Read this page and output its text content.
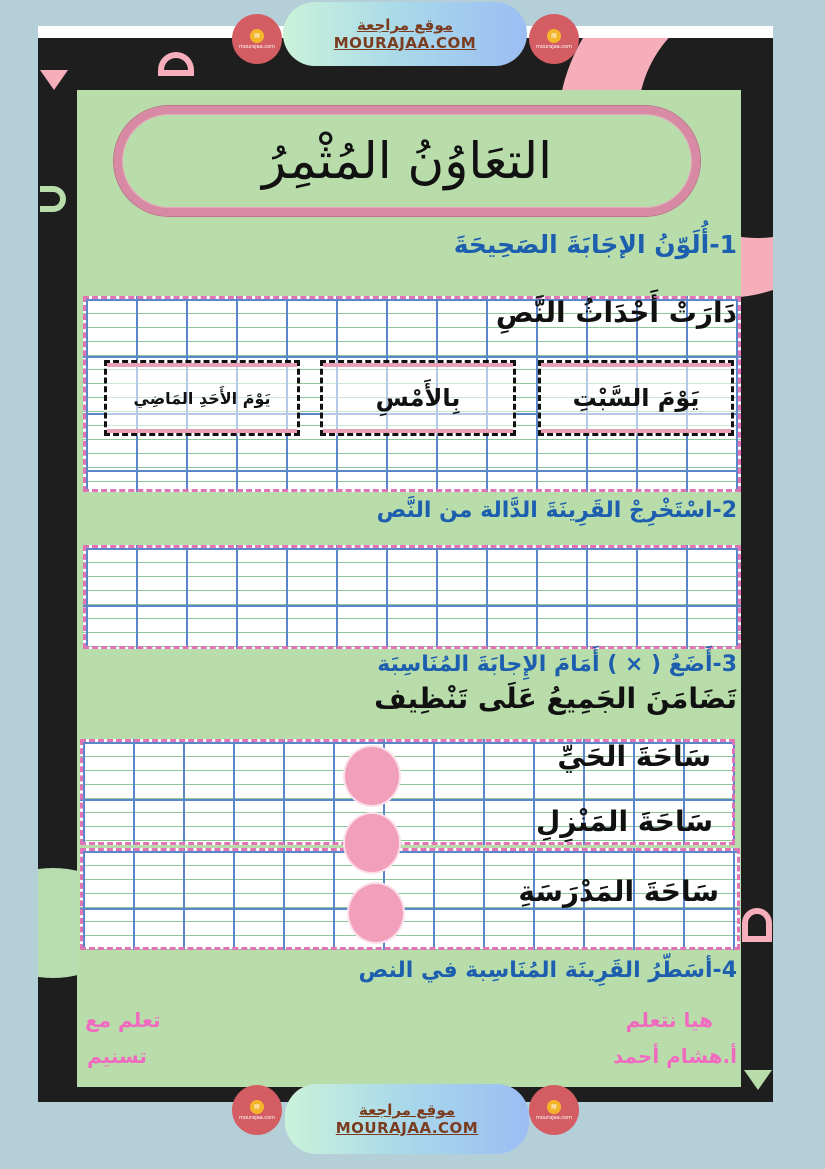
▤
mourajaa.com
موقع مراجعة
MOURAJAA.COM	▤
mourajaa.com
التعَاوُنُ المُثْمِرُ
1-أُلَوّنُ الإجَابَةَ الصَحِيحَةَ
دَارَتْ أَحْدَاثُ النَّصِ
يَوْمَ السَّبْتِ
بِالأَمْسِ
يَوْمَ الأَحَدِ المَاضِي
2-اسْتَخْرِجْ القَرِينَةَ الدَّالة من النَّص
3-أَضَعُ ( × ) أَمَامَ الإِجابَةَ المُنَاسِبَة
تَضَامَنَ الجَمِيعُ عَلَى تَنْظِيف
سَاحَةَ الحَيِّ
سَاحَةَ المَنْزِلِ
سَاحَةَ المَدْرَسَةِ
4-أسَطّرُ القَرِينَة المُنَاسِبة في النص
هيا نتعلم
أ.هشام أحمد
تعلم مع
تسنيم
▤
mourajaa.com	موقع مراجعة
MOURAJAA.COM
▤
mourajaa.com
